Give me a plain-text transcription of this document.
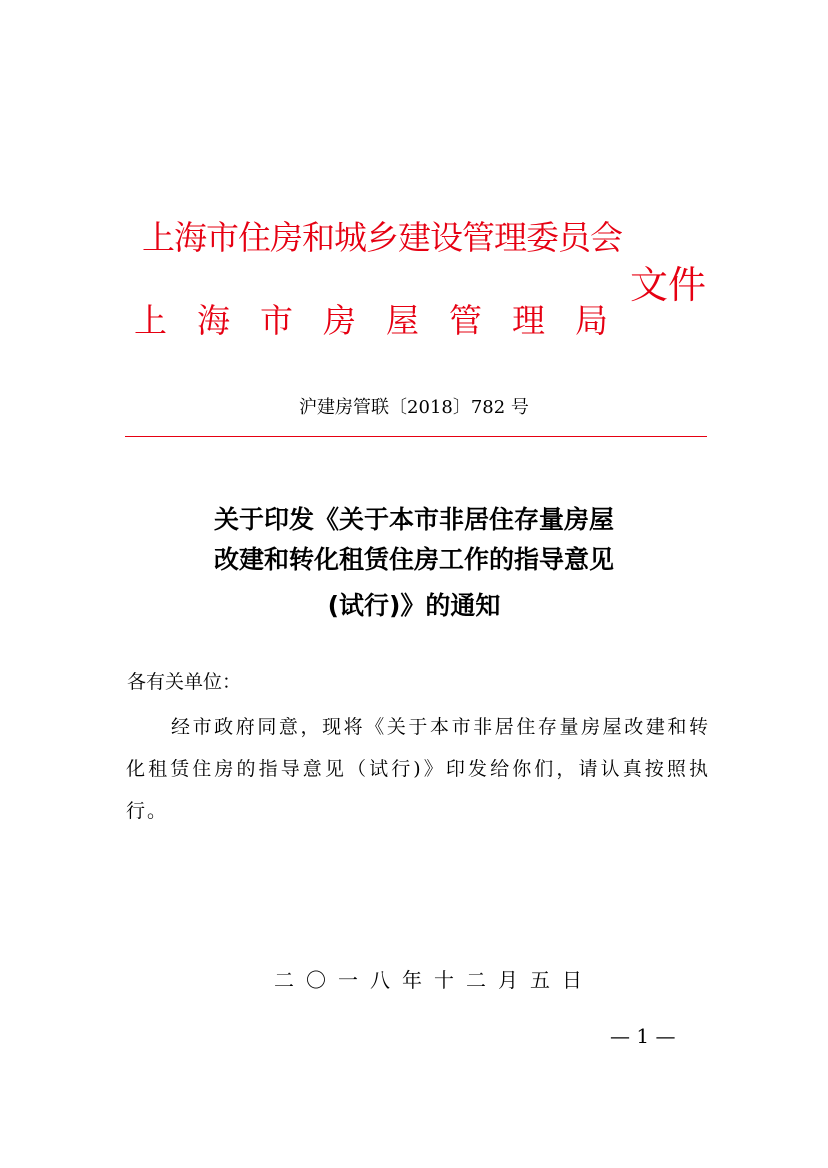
上海市住房和城乡建设管理委员会
上 海 市 房 屋 管 理 局
文件
沪建房管联〔2018〕782 号
关于印发《关于本市非居住存量房屋
改建和转化租赁住房工作的指导意见
(试行)》的通知
各有关单位：
经市政府同意，现将《关于本市非居住存量房屋改建和转化租赁住房的指导意见（试行)》印发给你们，请认真按照执行。
二〇一八年十二月五日
— 1 —
